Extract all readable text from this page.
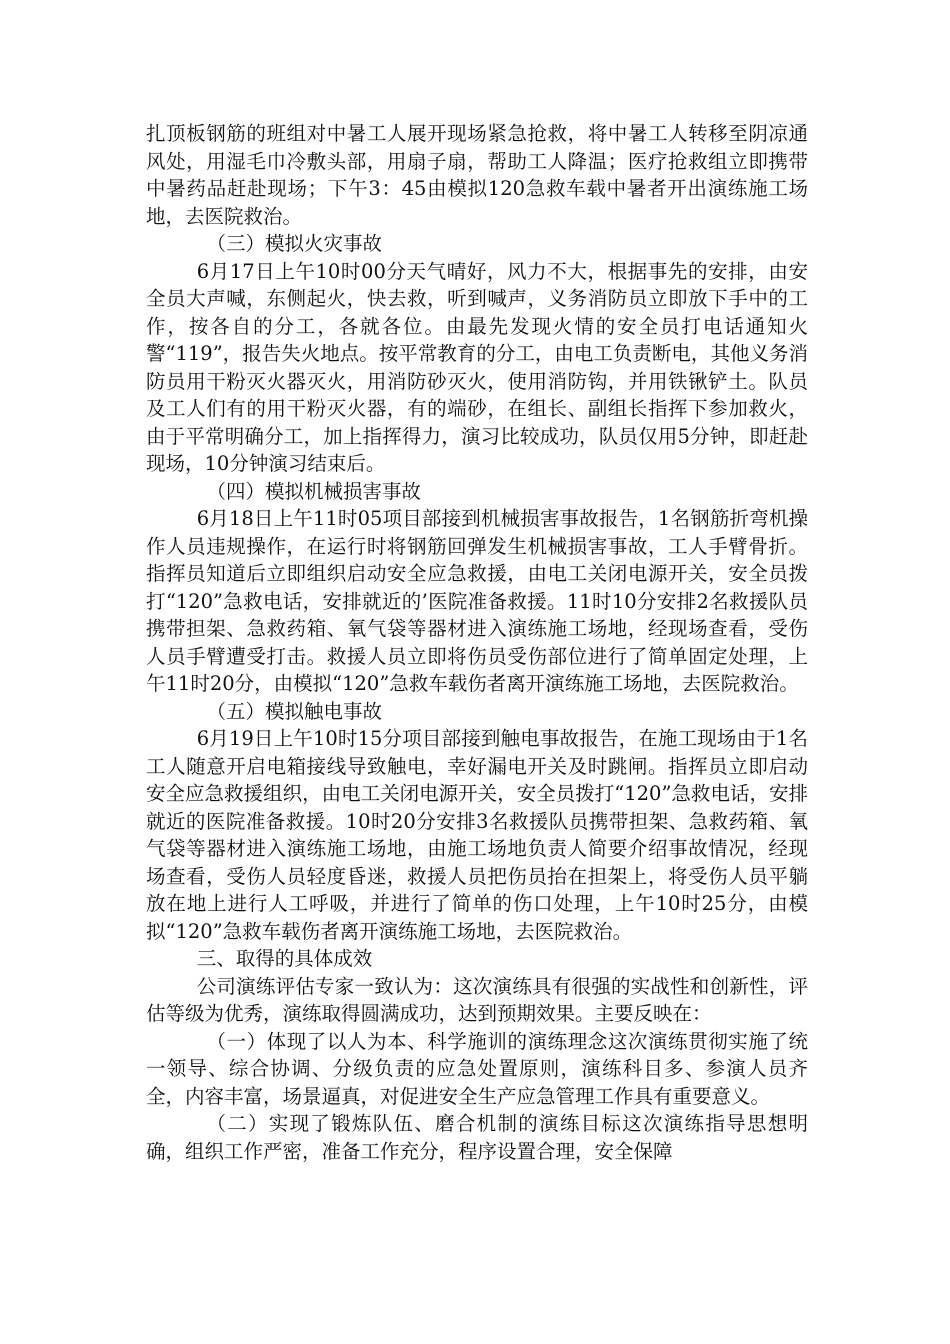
扎顶板钢筋的班组对中暑工人展开现场紧急抢救，将中暑工人转移至阴凉通风处，用湿毛巾冷敷头部，用扇子扇，帮助工人降温；医疗抢救组立即携带中暑药品赶赴现场；下午3：45由模拟120急救车载中暑者开出演练施工场地，去医院救治。

（三）模拟火灾事故

6月17日上午10时00分天气晴好，风力不大，根据事先的安排，由安全员大声喊，东侧起火，快去救，听到喊声，义务消防员立即放下手中的工作，按各自的分工，各就各位。由最先发现火情的安全员打电话通知火警“119”，报告失火地点。按平常教育的分工，由电工负责断电，其他义务消防员用干粉灭火器灭火，用消防砂灭火，使用消防钩，并用铁锹铲土。队员及工人们有的用干粉灭火器，有的端砂，在组长、副组长指挥下参加救火，由于平常明确分工，加上指挥得力，演习比较成功，队员仅用5分钟，即赶赴现场，10分钟演习结束后。

（四）模拟机械损害事故

6月18日上午11时05项目部接到机械损害事故报告，1名钢筋折弯机操作人员违规操作，在运行时将钢筋回弹发生机械损害事故，工人手臂骨折。指挥员知道后立即组织启动安全应急救援，由电工关闭电源开关，安全员拨打“120”急救电话，安排就近的’医院准备救援。11时10分安排2名救援队员携带担架、急救药箱、氧气袋等器材进入演练施工场地，经现场查看，受伤人员手臂遭受打击。救援人员立即将伤员受伤部位进行了简单固定处理，上午11时20分，由模拟“120”急救车载伤者离开演练施工场地，去医院救治。

（五）模拟触电事故

6月19日上午10时15分项目部接到触电事故报告，在施工现场由于1名工人随意开启电箱接线导致触电，幸好漏电开关及时跳闸。指挥员立即启动安全应急救援组织，由电工关闭电源开关，安全员拨打“120”急救电话，安排就近的医院准备救援。10时20分安排3名救援队员携带担架、急救药箱、氧气袋等器材进入演练施工场地，由施工场地负责人简要介绍事故情况，经现场查看，受伤人员轻度昏迷，救援人员把伤员抬在担架上，将受伤人员平躺放在地上进行人工呼吸，并进行了简单的伤口处理，上午10时25分，由模拟“120”急救车载伤者离开演练施工场地，去医院救治。

三、取得的具体成效

公司演练评估专家一致认为：这次演练具有很强的实战性和创新性，评估等级为优秀，演练取得圆满成功，达到预期效果。主要反映在：

（一）体现了以人为本、科学施训的演练理念这次演练贯彻实施了统一领导、综合协调、分级负责的应急处置原则，演练科目多、参演人员齐全，内容丰富，场景逼真，对促进安全生产应急管理工作具有重要意义。

（二）实现了锻炼队伍、磨合机制的演练目标这次演练指导思想明确，组织工作严密，准备工作充分，程序设置合理，安全保障
